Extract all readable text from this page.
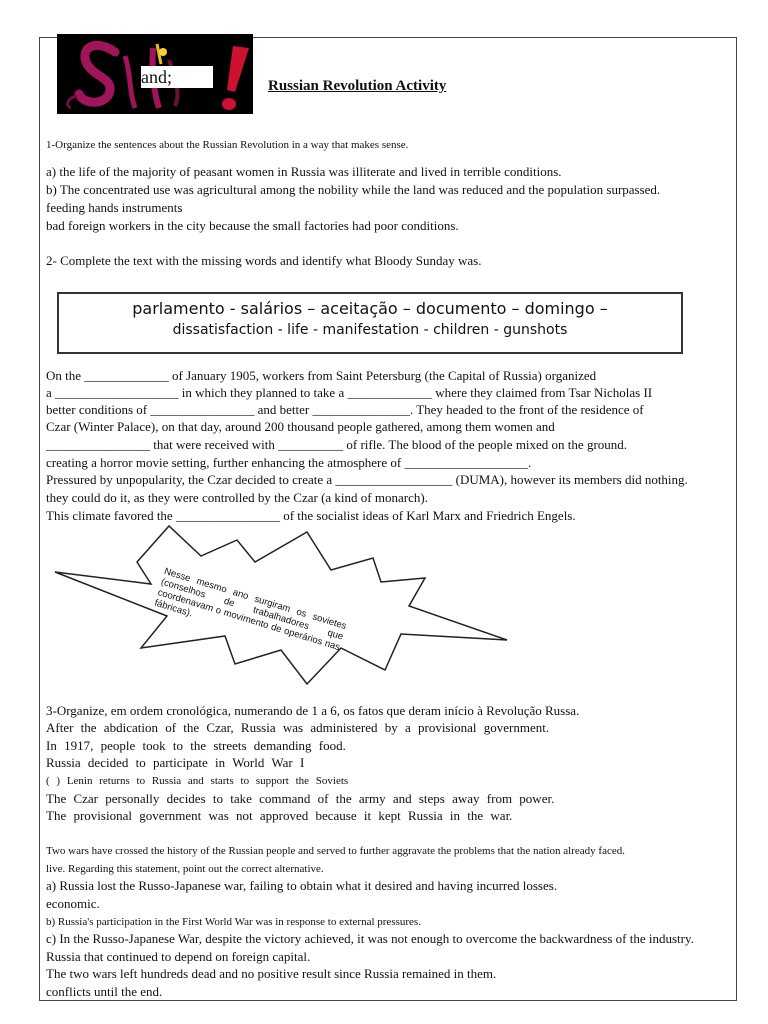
and;	Russian Revolution Activity
1-Organize the sentences about the Russian Revolution in a way that makes sense.
a) the life of the majority of peasant women in Russia was illiterate and lived in terrible conditions.
b) The concentrated use was agricultural among the nobility while the land was reduced and the population surpassed.
feeding hands instruments
bad foreign workers in the city because the small factories had poor conditions.
2- Complete the text with the missing words and identify what Bloody Sunday was.
parlamento - salários – aceitação – documento – domingo –
dissatisfaction - life - manifestation - children - gunshots
On the _____________ of January 1905, workers from Saint Petersburg (the Capital of Russia) organized
a ___________________ in which they planned to take a _____________ where they claimed from Tsar Nicholas II
better conditions of ________________ and better _______________. They headed to the front of the residence of
Czar (Winter Palace), on that day, around 200 thousand people gathered, among them women and
________________ that were received with __________ of rifle. The blood of the people mixed on the ground.
creating a horror movie setting, further enhancing the atmosphere of ___________________.
Pressured by unpopularity, the Czar decided to create a __________________ (DUMA), however its members did nothing.
they could do it, as they were controlled by the Czar (a kind of monarch).
This climate favored the ________________ of the socialist ideas of Karl Marx and Friedrich Engels.
Nesse mesmo ano surgiram os sovietes (conselhos de trabalhadores que coordenavam o movimento de operários nas fábricas).
3-Organize, em ordem cronológica, numerando de 1 a 6, os fatos que deram início à Revolução Russa.
After the abdication of the Czar, Russia was administered by a provisional government.
In 1917, people took to the streets demanding food.
Russia decided to participate in World War I
( ) Lenin returns to Russia and starts to support the Soviets
The Czar personally decides to take command of the army and steps away from power.
The provisional government was not approved because it kept Russia in the war.
Two wars have crossed the history of the Russian people and served to further aggravate the problems that the nation already faced.
live. Regarding this statement, point out the correct alternative.
a) Russia lost the Russo-Japanese war, failing to obtain what it desired and having incurred losses.
economic.
b) Russia's participation in the First World War was in response to external pressures.
c) In the Russo-Japanese War, despite the victory achieved, it was not enough to overcome the backwardness of the industry.
Russia that continued to depend on foreign capital.
The two wars left hundreds dead and no positive result since Russia remained in them.
conflicts until the end.
